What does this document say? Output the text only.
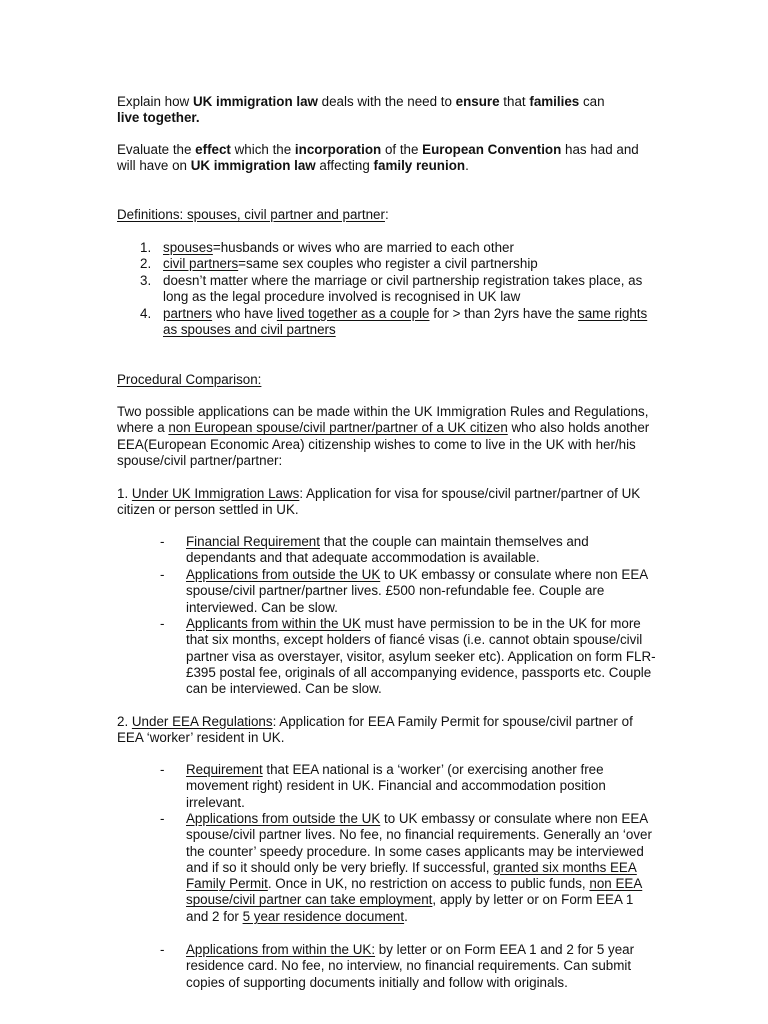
Explain how UK immigration law deals with the need to ensure that families can
live together.

Evaluate the effect which the incorporation of the European Convention has had and will have on UK immigration law affecting family reunion.

Definitions: spouses, civil partner and partner:

1. spouses=husbands or wives who are married to each other
2. civil partners=same sex couples who register a civil partnership
3. doesn’t matter where the marriage or civil partnership registration takes place, as long as the legal procedure involved is recognised in UK law
4. partners who have lived together as a couple for > than 2yrs have the same rights as spouses and civil partners

Procedural Comparison:

Two possible applications can be made within the UK Immigration Rules and Regulations, where a non European spouse/civil partner/partner of a UK citizen who also holds another EEA(European Economic Area) citizenship wishes to come to live in the UK with her/his spouse/civil partner/partner:

1. Under UK Immigration Laws: Application for visa for spouse/civil partner/partner of UK citizen or person settled in UK.

- Financial Requirement that the couple can maintain themselves and dependants and that adequate accommodation is available.
- Applications from outside the UK to UK embassy or consulate where non EEA spouse/civil partner/partner lives. £500 non-refundable fee. Couple are interviewed. Can be slow.
- Applicants from within the UK must have permission to be in the UK for more that six months, except holders of fiancé visas (i.e. cannot obtain spouse/civil partner visa as overstayer, visitor, asylum seeker etc). Application on form FLR-£395 postal fee, originals of all accompanying evidence, passports etc. Couple can be interviewed. Can be slow.

2. Under EEA Regulations: Application for EEA Family Permit for spouse/civil partner of EEA ‘worker’ resident in UK.

- Requirement that EEA national is a ‘worker’ (or exercising another free movement right) resident in UK. Financial and accommodation position irrelevant.
- Applications from outside the UK to UK embassy or consulate where non EEA spouse/civil partner lives. No fee, no financial requirements. Generally an ‘over the counter’ speedy procedure. In some cases applicants may be interviewed and if so it should only be very briefly. If successful, granted six months EEA Family Permit. Once in UK, no restriction on access to public funds, non EEA spouse/civil partner can take employment, apply by letter or on Form EEA 1 and 2 for 5 year residence document.
- Applications from within the UK: by letter or on Form EEA 1 and 2 for 5 year residence card. No fee, no interview, no financial requirements. Can submit copies of supporting documents initially and follow with originals.
